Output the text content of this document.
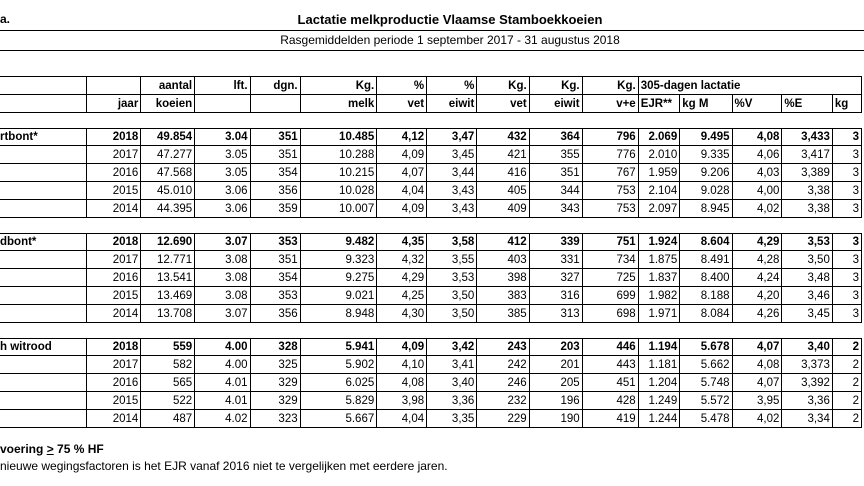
a.	Lactatie melkproductie Vlaamse Stamboekkoeien
Rasgemiddelden periode 1 september 2017 - 31 augustus 2018
		aantal	lft.	dgn.	Kg.	%	%	Kg.	Kg.	Kg.	305-dagen lactatie				
	jaar	koeien			melk	vet	eiwit	vet	eiwit	v+e	EJR**	kg M	%V	%E	kg

rtbont*	2018	49.854	3.04	351	10.485	4,12	3,47	432	364	796	2.069	9.495	4,08	3,433	3
	2017	47.277	3.05	351	10.288	4,09	3,45	421	355	776	2.010	9.335	4,06	3,417	3
	2016	47.568	3.05	354	10.215	4,07	3,44	416	351	767	1.959	9.206	4,03	3,389	3
	2015	45.010	3.06	356	10.028	4,04	3,43	405	344	753	2.104	9.028	4,00	3,38	3
	2014	44.395	3.06	359	10.007	4,09	3,43	409	343	753	2.097	8.945	4,02	3,38	3

dbont*	2018	12.690	3.07	353	9.482	4,35	3,58	412	339	751	1.924	8.604	4,29	3,53	3
	2017	12.771	3.08	351	9.323	4,32	3,55	403	331	734	1.875	8.491	4,28	3,50	3
	2016	13.541	3.08	354	9.275	4,29	3,53	398	327	725	1.837	8.400	4,24	3,48	3
	2015	13.469	3.08	353	9.021	4,25	3,50	383	316	699	1.982	8.188	4,20	3,46	3
	2014	13.708	3.07	356	8.948	4,30	3,50	385	313	698	1.971	8.084	4,26	3,45	3

h witrood	2018	559	4.00	328	5.941	4,09	3,42	243	203	446	1.194	5.678	4,07	3,40	2
	2017	582	4.00	325	5.902	4,10	3,41	242	201	443	1.181	5.662	4,08	3,373	2
	2016	565	4.01	329	6.025	4,08	3,40	246	205	451	1.204	5.748	4,07	3,392	2
	2015	522	4.01	329	5.829	3,98	3,36	232	196	428	1.249	5.572	3,95	3,36	2
	2014	487	4.02	323	5.667	4,04	3,35	229	190	419	1.244	5.478	4,02	3,34	2
voering > 75 % HF
nieuwe wegingsfactoren is het EJR vanaf 2016 niet te vergelijken met eerdere jaren.
